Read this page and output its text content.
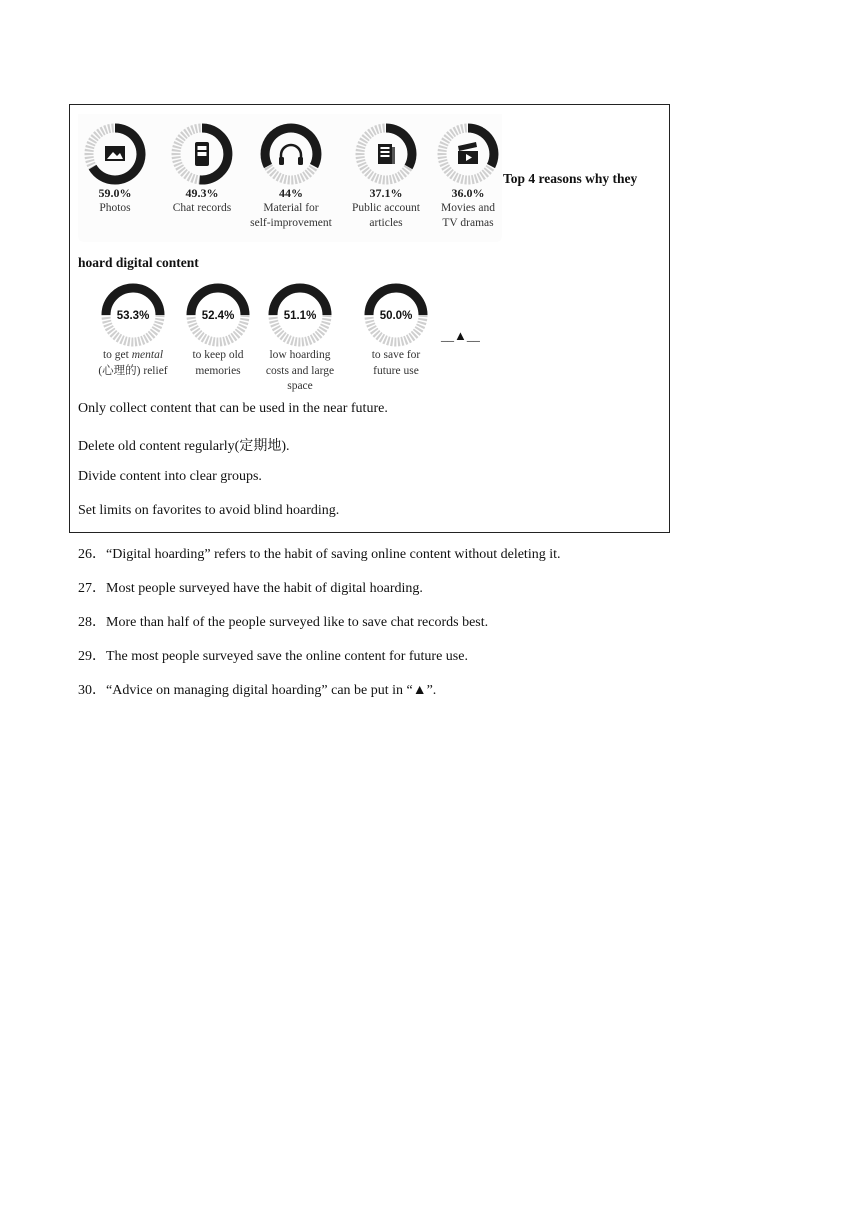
59.0%
Photos
49.3%
Chat records
44%
Material for
self-improvement
37.1%
Public account
articles
36.0%
Movies and
TV dramas
Top 4 reasons why they
hoard digital content
53.3%
to get mental
(心理的) relief
52.4%
to keep old
memories
51.1%
low hoarding
costs and large
space
50.0%
to save for
future use
__▲__
Only collect content that can be used in the near future.
Delete old content regularly(定期地).
Divide content into clear groups.
Set limits on favorites to avoid blind hoarding.
26．“Digital hoarding” refers to the habit of saving online content without deleting it.
27．Most people surveyed have the habit of digital hoarding.
28．More than half of the people surveyed like to save chat records best.
29．The most people surveyed save the online content for future use.
30．“Advice on managing digital hoarding” can be put in “▲”.
